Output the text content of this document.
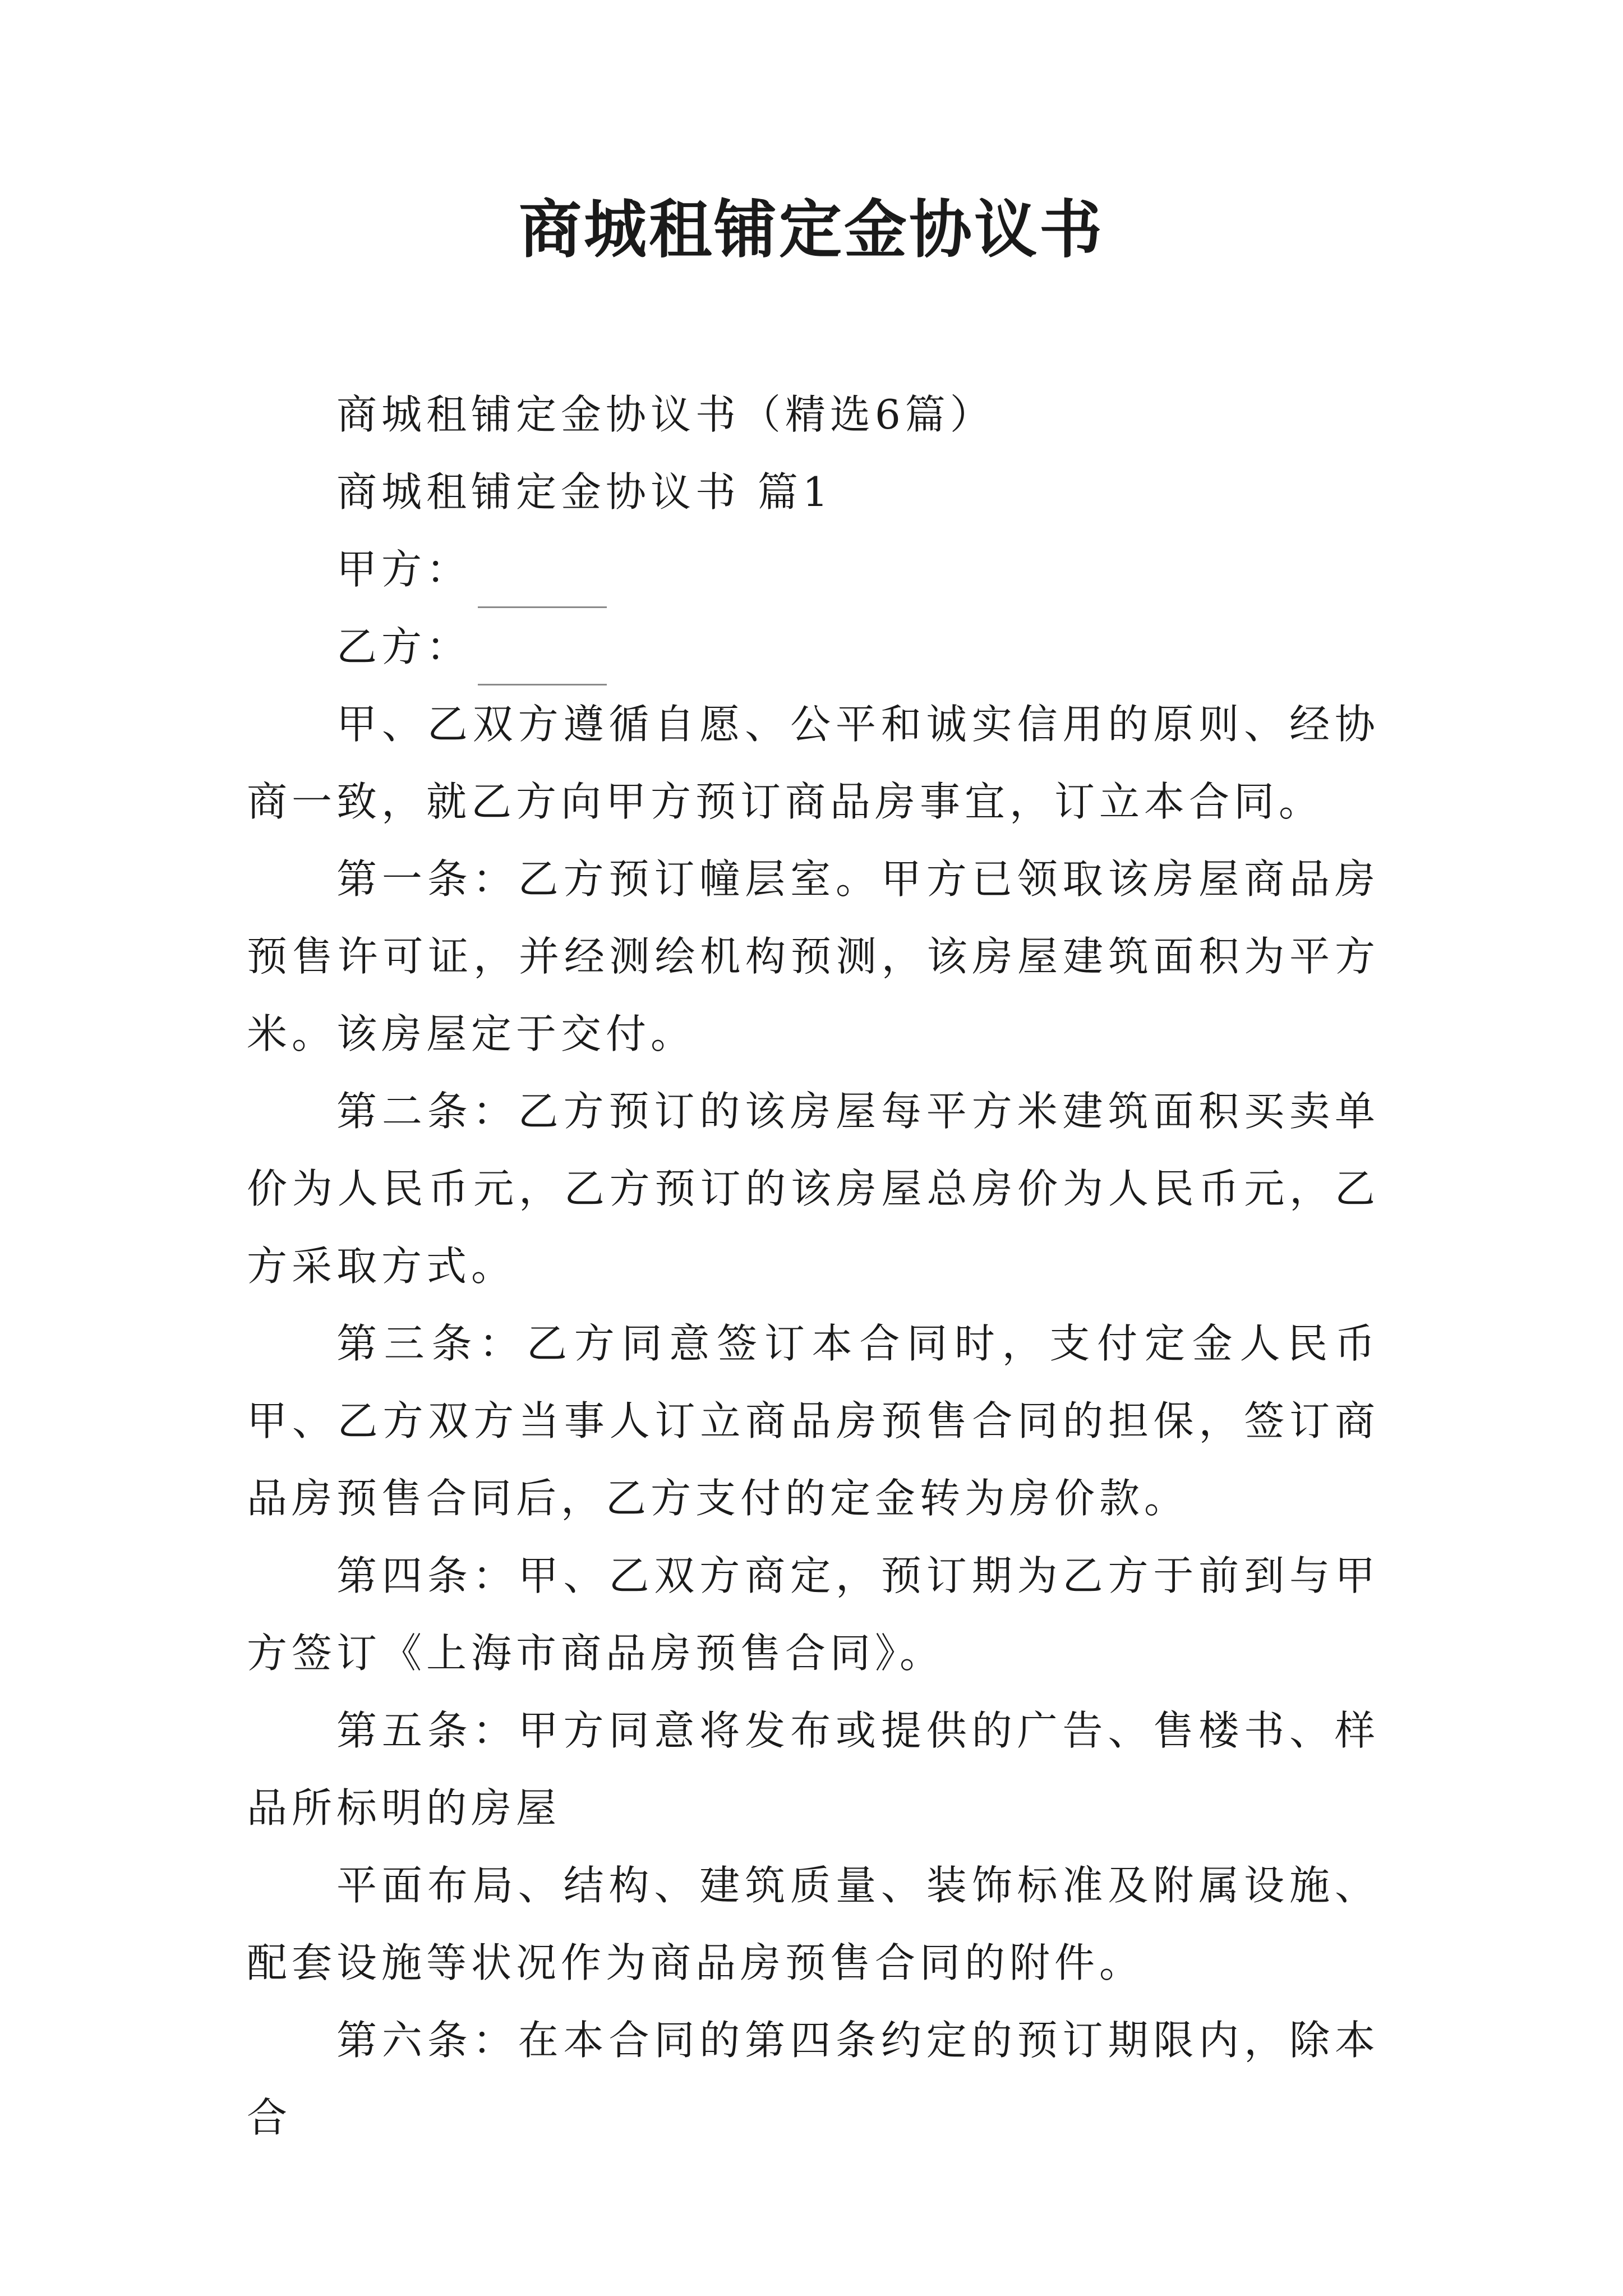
商城租铺定金协议书

商城租铺定金协议书（精选6篇）

商城租铺定金协议书 篇1

甲方：

乙方：

甲、乙双方遵循自愿、公平和诚实信用的原则、经协商一致，就乙方向甲方预订商品房事宜，订立本合同。

第一条：乙方预订幢层室。甲方已领取该房屋商品房预售许可证，并经测绘机构预测，该房屋建筑面积为平方米。该房屋定于交付。

第二条：乙方预订的该房屋每平方米建筑面积买卖单价为人民币元，乙方预订的该房屋总房价为人民币元，乙方采取方式。

第三条：乙方同意签订本合同时，支付定金人民币甲、乙方双方当事人订立商品房预售合同的担保，签订商品房预售合同后，乙方支付的定金转为房价款。

第四条：甲、乙双方商定，预订期为乙方于前到与甲方签订《上海市商品房预售合同》。

第五条：甲方同意将发布或提供的广告、售楼书、样品所标明的房屋

平面布局、结构、建筑质量、装饰标准及附属设施、配套设施等状况作为商品房预售合同的附件。

第六条：在本合同的第四条约定的预订期限内，除本合
